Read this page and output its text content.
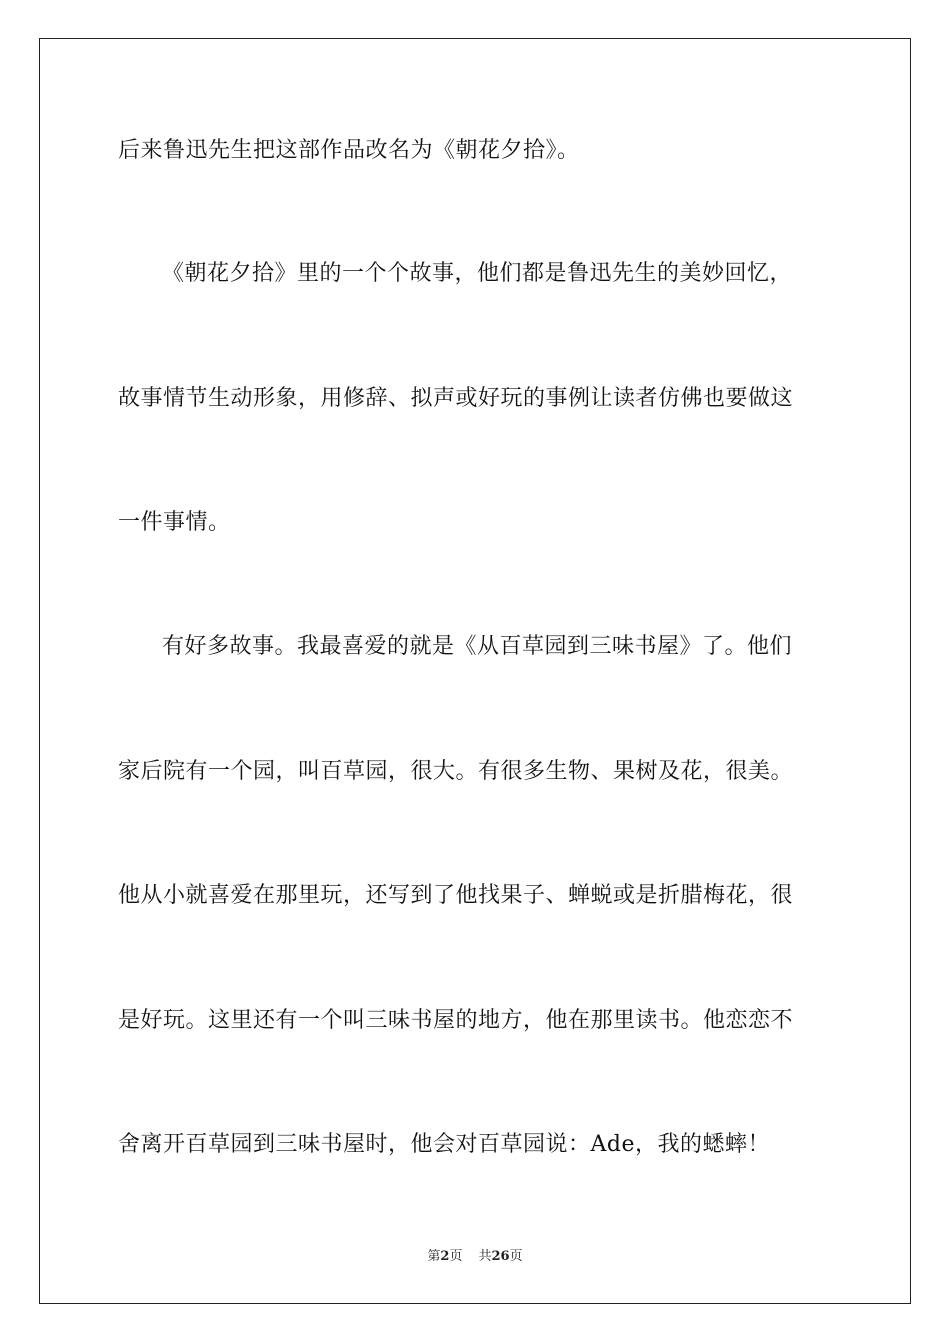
后来鲁迅先生把这部作品改名为《朝花夕拾》。
《朝花夕拾》里的一个个故事，他们都是鲁迅先生的美妙回忆，
故事情节生动形象，用修辞、拟声或好玩的事例让读者仿佛也要做这
一件事情。
有好多故事。我最喜爱的就是《从百草园到三味书屋》了。他们
家后院有一个园，叫百草园，很大。有很多生物、果树及花，很美。
他从小就喜爱在那里玩，还写到了他找果子、蝉蜕或是折腊梅花，很
是好玩。这里还有一个叫三味书屋的地方，他在那里读书。他恋恋不
舍离开百草园到三味书屋时，他会对百草园说：Ade，我的蟋蟀！
第2页 共26页
